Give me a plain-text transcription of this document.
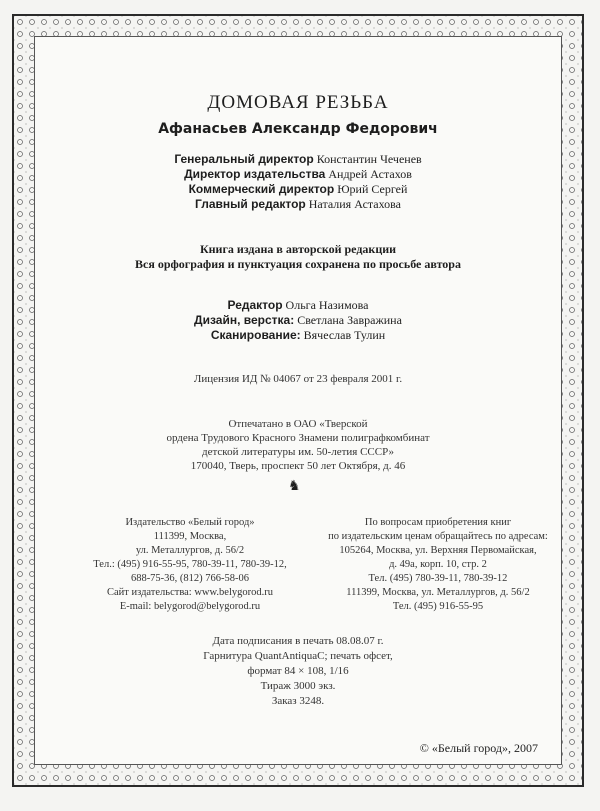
ДОМОВАЯ РЕЗЬБА
Афанасьев Александр Федорович
Генеральный директор Константин Чеченев
Директор издательства Андрей Астахов
Коммерческий директор Юрий Сергей
Главный редактор Наталия Астахова
Книга издана в авторской редакции
Вся орфография и пунктуация сохранена по просьбе автора
Редактор Ольга Назимова
Дизайн, верстка: Светлана Завражина
Сканирование: Вячеслав Тулин
Лицензия ИД № 04067 от 23 февраля 2001 г.
Отпечатано в ОАО «Тверской
ордена Трудового Красного Знамени полиграфкомбинат
детской литературы им. 50-летия СССР»
170040, Тверь, проспект 50 лет Октября, д. 46
♞
Издательство «Белый город»
111399, Москва,
ул. Металлургов, д. 56/2
Тел.: (495) 916-55-95, 780-39-11, 780-39-12,
688-75-36, (812) 766-58-06
Сайт издательства: www.belygorod.ru
E-mail: belygorod@belygorod.ru
По вопросам приобретения книг
по издательским ценам обращайтесь по адресам:
105264, Москва, ул. Верхняя Первомайская,
д. 49а, корп. 10, стр. 2
Тел. (495) 780-39-11, 780-39-12
111399, Москва, ул. Металлургов, д. 56/2
Тел. (495) 916-55-95
Дата подписания в печать 08.08.07 г.
Гарнитура QuantAntiquaC; печать офсет,
формат 84 × 108, 1/16
Тираж 3000 экз.
Заказ 3248.
© «Белый город», 2007
